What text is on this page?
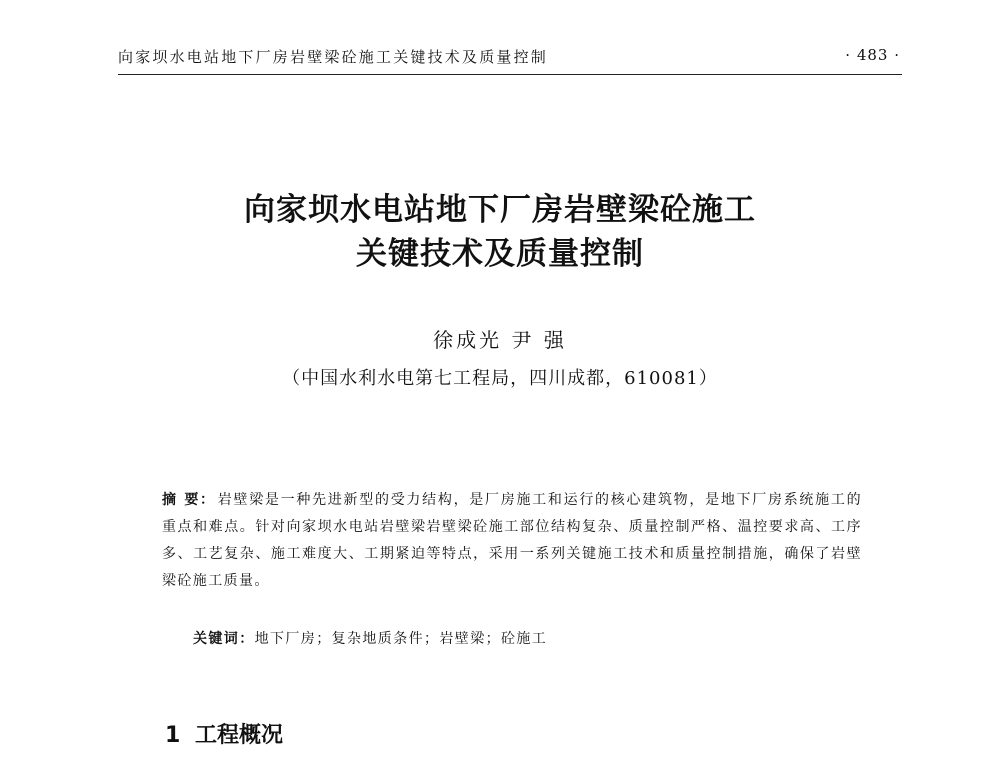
向家坝水电站地下厂房岩壁梁砼施工关键技术及质量控制	· 483 ·
向家坝水电站地下厂房岩壁梁砼施工
关键技术及质量控制
徐成光 尹 强
（中国水利水电第七工程局，四川成都，610081）
摘 要： 岩壁梁是一种先进新型的受力结构，是厂房施工和运行的核心建筑物，是地下厂房系统施工的重点和难点。针对向家坝水电站岩壁梁岩壁梁砼施工部位结构复杂、质量控制严格、温控要求高、工序多、工艺复杂、施工难度大、工期紧迫等特点，采用一系列关键施工技术和质量控制措施，确保了岩壁梁砼施工质量。
关键词：地下厂房；复杂地质条件；岩壁梁；砼施工
1 工程概况
